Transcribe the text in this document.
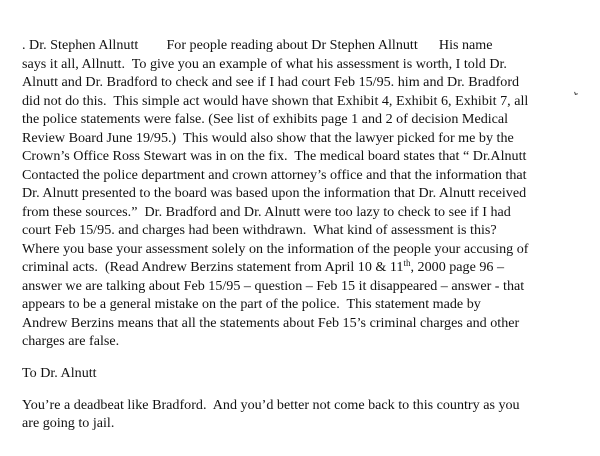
. Dr. Stephen Allnutt        For people reading about Dr Stephen Allnutt      His name
says it all, Allnutt.  To give you an example of what his assessment is worth, I told Dr.
Alnutt and Dr. Bradford to check and see if I had court Feb 15/95. him and Dr. Bradford
did not do this.  This simple act would have shown that Exhibit 4, Exhibit 6, Exhibit 7, all
the police statements were false. (See list of exhibits page 1 and 2 of decision Medical
Review Board June 19/95.)  This would also show that the lawyer picked for me by the
Crown’s Office Ross Stewart was in on the fix.  The medical board states that “ Dr.Alnutt
Contacted the police department and crown attorney’s office and that the information that
Dr. Alnutt presented to the board was based upon the information that Dr. Alnutt received
from these sources.”  Dr. Bradford and Dr. Alnutt were too lazy to check to see if I had
court Feb 15/95. and charges had been withdrawn.  What kind of assessment is this?
Where you base your assessment solely on the information of the people your accusing of
criminal acts.  (Read Andrew Berzins statement from April 10 & 11th, 2000 page 96 –
answer we are talking about Feb 15/95 – question – Feb 15 it disappeared – answer - that
appears to be a general mistake on the part of the police.  This statement made by
Andrew Berzins means that all the statements about Feb 15’s criminal charges and other
charges are false.
To Dr. Alnutt
You’re a deadbeat like Bradford.  And you’d better not come back to this country as you
are going to jail.
⌄
